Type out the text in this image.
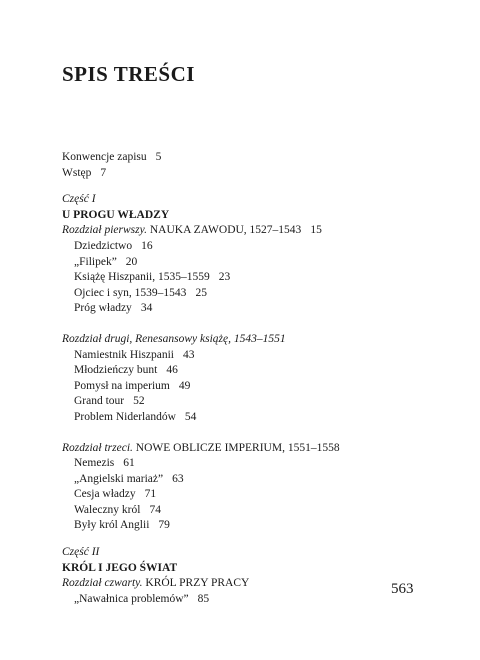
SPIS TREŚCI
Konwencje zapisu 5
Wstęp 7
Część I
U PROGU WŁADZY
Rozdział pierwszy. NAUKA ZAWODU, 1527–1543 15
Dziedzictwo 16
„Filipek” 20
Książę Hiszpanii, 1535–1559 23
Ojciec i syn, 1539–1543 25
Próg władzy 34
Rozdział drugi, Renesansowy książę, 1543–1551
Namiestnik Hiszpanii 43
Młodzieńczy bunt 46
Pomysł na imperium 49
Grand tour 52
Problem Niderlandów 54
Rozdział trzeci. NOWE OBLICZE IMPERIUM, 1551–1558
Nemezis 61
„Angielski mariaż” 63
Cesja władzy 71
Waleczny król 74
Były król Anglii 79
Część II
KRÓL I JEGO ŚWIAT
Rozdział czwarty. KRÓL PRZY PRACY
„Nawałnica problemów” 85
563
